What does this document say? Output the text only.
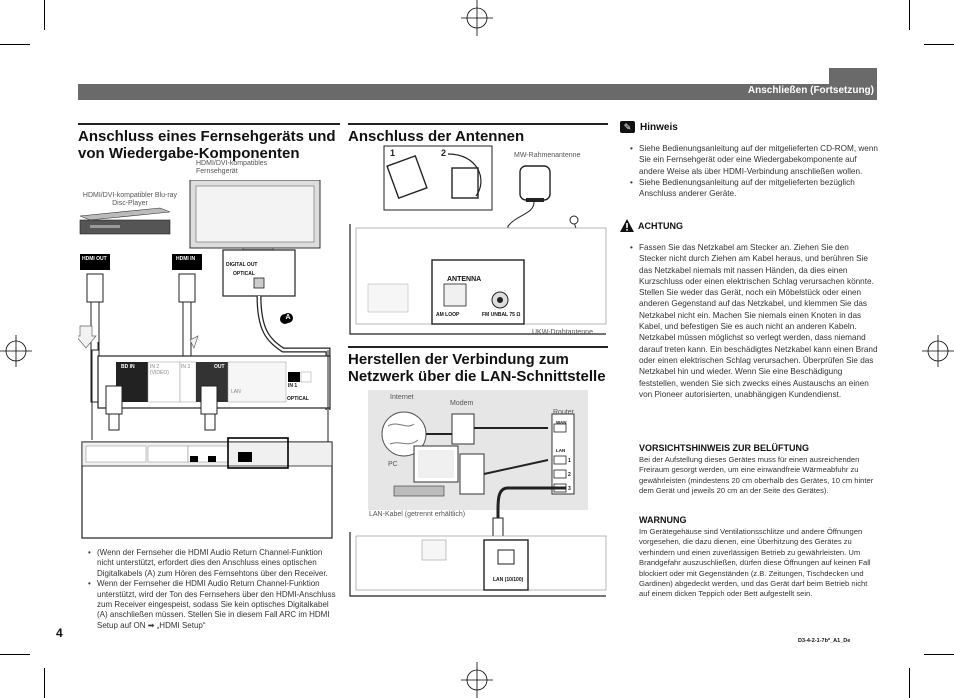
Anschließen (Fortsetzung)
Anschluss eines Fernsehgeräts und von Wiedergabe-Komponenten
HDMI/DVI-kompatibles Fernsehgerät
HDMI/DVI-kompatibler Blu-ray Disc-Player
HDMI OUT	HDMI IN
DIGITAL OUT
OPTICAL
A
BD IN	IN 2 (VIDEO)
IN 3	OUT
LAN
IN 1
OPTICAL
• (Wenn der Fernseher die HDMI Audio Return Channel-Funktion nicht unterstützt, erfordert dies den Anschluss eines optischen Digitalkabels (A) zum Hören des Fernsehtons über den Receiver.
• Wenn der Fernseher die HDMI Audio Return Channel-Funktion unterstützt, wird der Ton des Fernsehers über den HDMI-Anschluss zum Receiver eingespeist, sodass Sie kein optisches Digitalkabel (A) anschließen müssen. Stellen Sie in diesem Fall ARC im HDMI Setup auf ON ➡ „HDMI Setup“
4
Anschluss der Antennen
1	2	MW-Rahmenantenne
UKW-Drahtantenne
ANTENNA
AM LOOP	FM UNBAL 75 Ω
Herstellen der Verbindung zum Netzwerk über die LAN-Schnittstelle
Internet
Modem
Router
WAN
LAN
1
2
3
PC
LAN-Kabel (getrennt erhältlich)
LAN (10/100)
✎ Hinweis
• Siehe Bedienungsanleitung auf der mitgelieferten CD-ROM, wenn Sie ein Fernsehgerät oder eine Wiedergabekomponente auf andere Weise als über HDMI-Verbindung anschließen wollen.
• Siehe Bedienungsanleitung auf der mitgelieferten bezüglich Anschluss anderer Geräte.
ACHTUNG
• Fassen Sie das Netzkabel am Stecker an. Ziehen Sie den Stecker nicht durch Ziehen am Kabel heraus, und berühren Sie das Netzkabel niemals mit nassen Händen, da dies einen Kurzschluss oder einen elektrischen Schlag verursachen könnte. Stellen Sie weder das Gerät, noch ein Möbelstück oder einen anderen Gegenstand auf das Netzkabel, und klemmen Sie das Netzkabel nicht ein. Machen Sie niemals einen Knoten in das Kabel, und befestigen Sie es auch nicht an anderen Kabeln. Netzkabel müssen möglichst so verlegt werden, dass niemand darauf treten kann. Ein beschädigtes Netzkabel kann einen Brand oder einen elektrischen Schlag verursachen. Überprüfen Sie das Netzkabel hin und wieder. Wenn Sie eine Beschädigung feststellen, wenden Sie sich zwecks eines Austauschs an einen von Pioneer autorisierten, unabhängigen Kundendienst.
VORSICHTSHINWEIS ZUR BELÜFTUNG
Bei der Aufstellung dieses Gerätes muss für einen ausreichenden Freiraum gesorgt werden, um eine einwandfreie Wärmeabfuhr zu gewährleisten (mindestens 20 cm oberhalb des Gerätes, 10 cm hinter dem Gerät und jeweils 20 cm an der Seite des Gerätes).
WARNUNG
Im Gerätegehäuse sind Ventilationsschlitze und andere Öffnungen vorgesehen, die dazu dienen, eine Überhitzung des Gerätes zu verhindern und einen zuverlässigen Betrieb zu gewährleisten. Um Brandgefahr auszuschließen, dürfen diese Öffnungen auf keinen Fall blockiert oder mit Gegenständen (z.B. Zeitungen, Tischdecken und Gardinen) abgedeckt werden, und das Gerät darf beim Betrieb nicht auf einem dicken Teppich oder Bett aufgestellt sein.
D3-4-2-1-7b*_A1_De
